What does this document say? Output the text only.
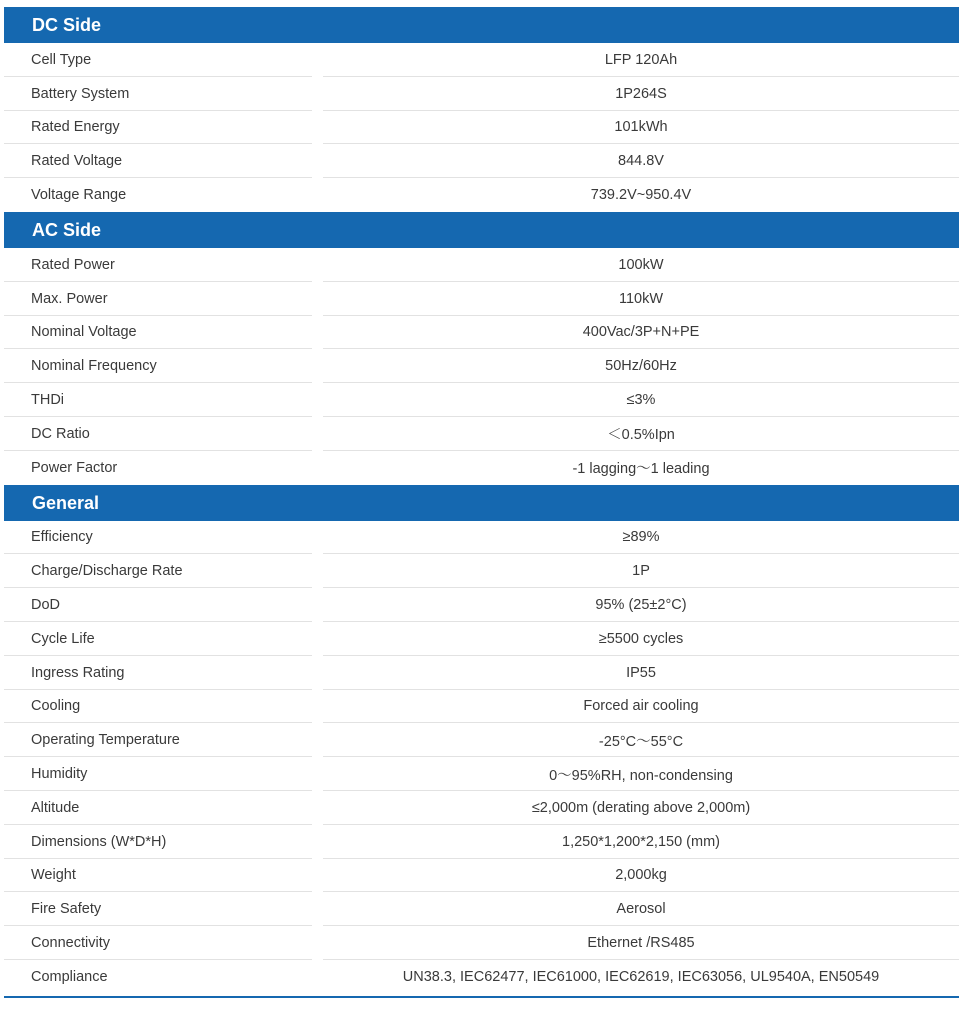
DC Side
Cell Type	LFP 120Ah
Battery System	1P264S
Rated Energy	101kWh
Rated Voltage	844.8V
Voltage Range	739.2V~950.4V
AC Side
Rated Power	100kW
Max. Power	110kW
Nominal Voltage	400Vac/3P+N+PE
Nominal Frequency	50Hz/60Hz
THDi	≤3%
DC Ratio	＜0.5%Ipn
Power Factor	-1 lagging～1 leading
General
Efficiency	≥89%
Charge/Discharge Rate	1P
DoD	95% (25±2°C)
Cycle Life	≥5500 cycles
Ingress Rating	IP55
Cooling	Forced air cooling
Operating Temperature	-25°C～55°C
Humidity	0～95%RH, non-condensing
Altitude	≤2,000m (derating above 2,000m)
Dimensions (W*D*H)	1,250*1,200*2,150 (mm)
Weight	2,000kg
Fire Safety	Aerosol
Connectivity	Ethernet /RS485
Compliance	UN38.3, IEC62477, IEC61000, IEC62619, IEC63056, UL9540A, EN50549
